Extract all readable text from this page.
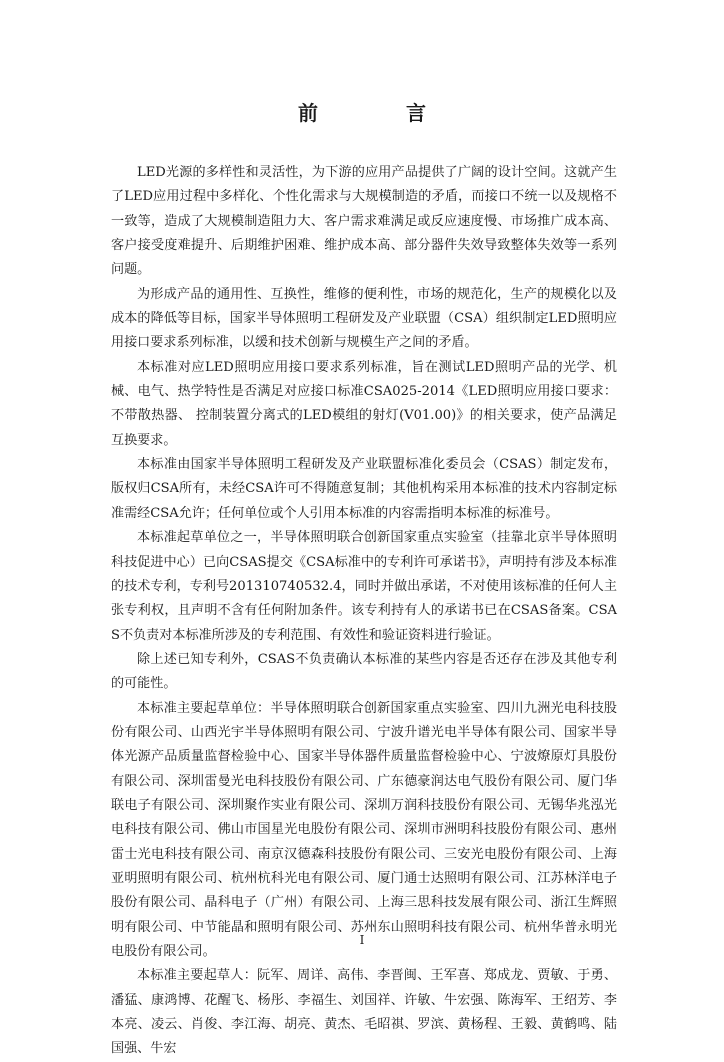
前　言

LED光源的多样性和灵活性，为下游的应用产品提供了广阔的设计空间。这就产生了LED应用过程中多样化、个性化需求与大规模制造的矛盾，而接口不统一以及规格不一致等，造成了大规模制造阻力大、客户需求难满足或反应速度慢、市场推广成本高、客户接受度难提升、后期维护困难、维护成本高、部分器件失效导致整体失效等一系列问题。

为形成产品的通用性、互换性，维修的便利性，市场的规范化，生产的规模化以及成本的降低等目标，国家半导体照明工程研发及产业联盟（CSA）组织制定LED照明应用接口要求系列标准，以缓和技术创新与规模生产之间的矛盾。

本标准对应LED照明应用接口要求系列标准，旨在测试LED照明产品的光学、机械、电气、热学特性是否满足对应接口标准CSA025-2014《LED照明应用接口要求：不带散热器、 控制装置分离式的LED模组的射灯(V01.00)》的相关要求，使产品满足互换要求。

本标准由国家半导体照明工程研发及产业联盟标准化委员会（CSAS）制定发布，版权归CSA所有，未经CSA许可不得随意复制；其他机构采用本标准的技术内容制定标准需经CSA允许；任何单位或个人引用本标准的内容需指明本标准的标准号。

本标准起草单位之一，半导体照明联合创新国家重点实验室（挂靠北京半导体照明科技促进中心）已向CSAS提交《CSA标准中的专利许可承诺书》，声明持有涉及本标准的技术专利，专利号201310740532.4，同时并做出承诺，不对使用该标准的任何人主张专利权，且声明不含有任何附加条件。该专利持有人的承诺书已在CSAS备案。CSAS不负责对本标准所涉及的专利范围、有效性和验证资料进行验证。

除上述已知专利外，CSAS不负责确认本标准的某些内容是否还存在涉及其他专利的可能性。

本标准主要起草单位：半导体照明联合创新国家重点实验室、四川九洲光电科技股份有限公司、山西光宇半导体照明有限公司、宁波升谱光电半导体有限公司、国家半导体光源产品质量监督检验中心、国家半导体器件质量监督检验中心、宁波燎原灯具股份有限公司、深圳雷曼光电科技股份有限公司、广东德豪润达电气股份有限公司、厦门华联电子有限公司、深圳聚作实业有限公司、深圳万润科技股份有限公司、无锡华兆泓光电科技有限公司、佛山市国星光电股份有限公司、深圳市洲明科技股份有限公司、惠州雷士光电科技有限公司、南京汉德森科技股份有限公司、三安光电股份有限公司、上海亚明照明有限公司、杭州杭科光电有限公司、厦门通士达照明有限公司、江苏林洋电子股份有限公司、晶科电子（广州）有限公司、上海三思科技发展有限公司、浙江生辉照明有限公司、中节能晶和照明有限公司、苏州东山照明科技有限公司、杭州华普永明光电股份有限公司。

本标准主要起草人：阮军、周详、高伟、李晋闽、王军喜、郑成龙、贾敏、于勇、潘猛、康鸿博、花醒飞、杨彤、李福生、刘国祥、许敏、牛宏强、陈海军、王绍芳、李本亮、凌云、肖俊、李江海、胡亮、黄杰、毛昭祺、罗滨、黄杨程、王毅、黄鹤鸣、陆国强、牛宏

I
